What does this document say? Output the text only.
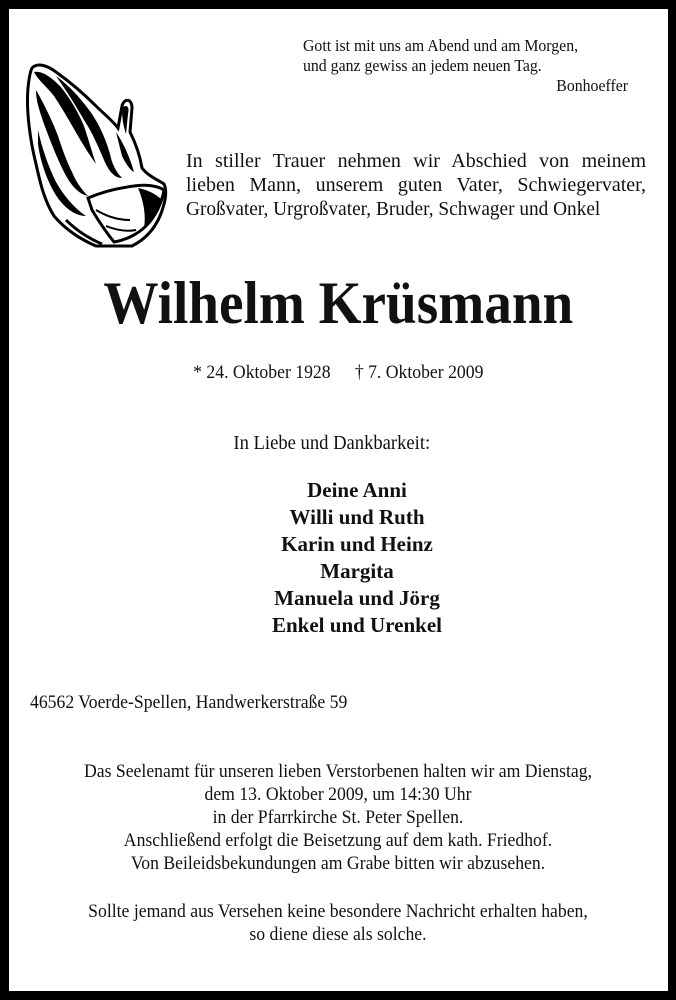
Gott ist mit uns am Abend und am Morgen,
und ganz gewiss an jedem neuen Tag.
Bonhoeffer
In stiller Trauer nehmen wir Abschied von meinem
lieben Mann, unserem guten Vater, Schwiegervater,
Großvater, Urgroßvater, Bruder, Schwager und Onkel
Wilhelm Krüsmann
* 24. Oktober 1928 † 7. Oktober 2009
In Liebe und Dankbarkeit:
Deine Anni
Willi und Ruth
Karin und Heinz
Margita
Manuela und Jörg
Enkel und Urenkel
46562 Voerde-Spellen, Handwerkerstraße 59
Das Seelenamt für unseren lieben Verstorbenen halten wir am Dienstag,
dem 13. Oktober 2009, um 14:30 Uhr
in der Pfarrkirche St. Peter Spellen.
Anschließend erfolgt die Beisetzung auf dem kath. Friedhof.
Von Beileidsbekundungen am Grabe bitten wir abzusehen.
Sollte jemand aus Versehen keine besondere Nachricht erhalten haben,
so diene diese als solche.
